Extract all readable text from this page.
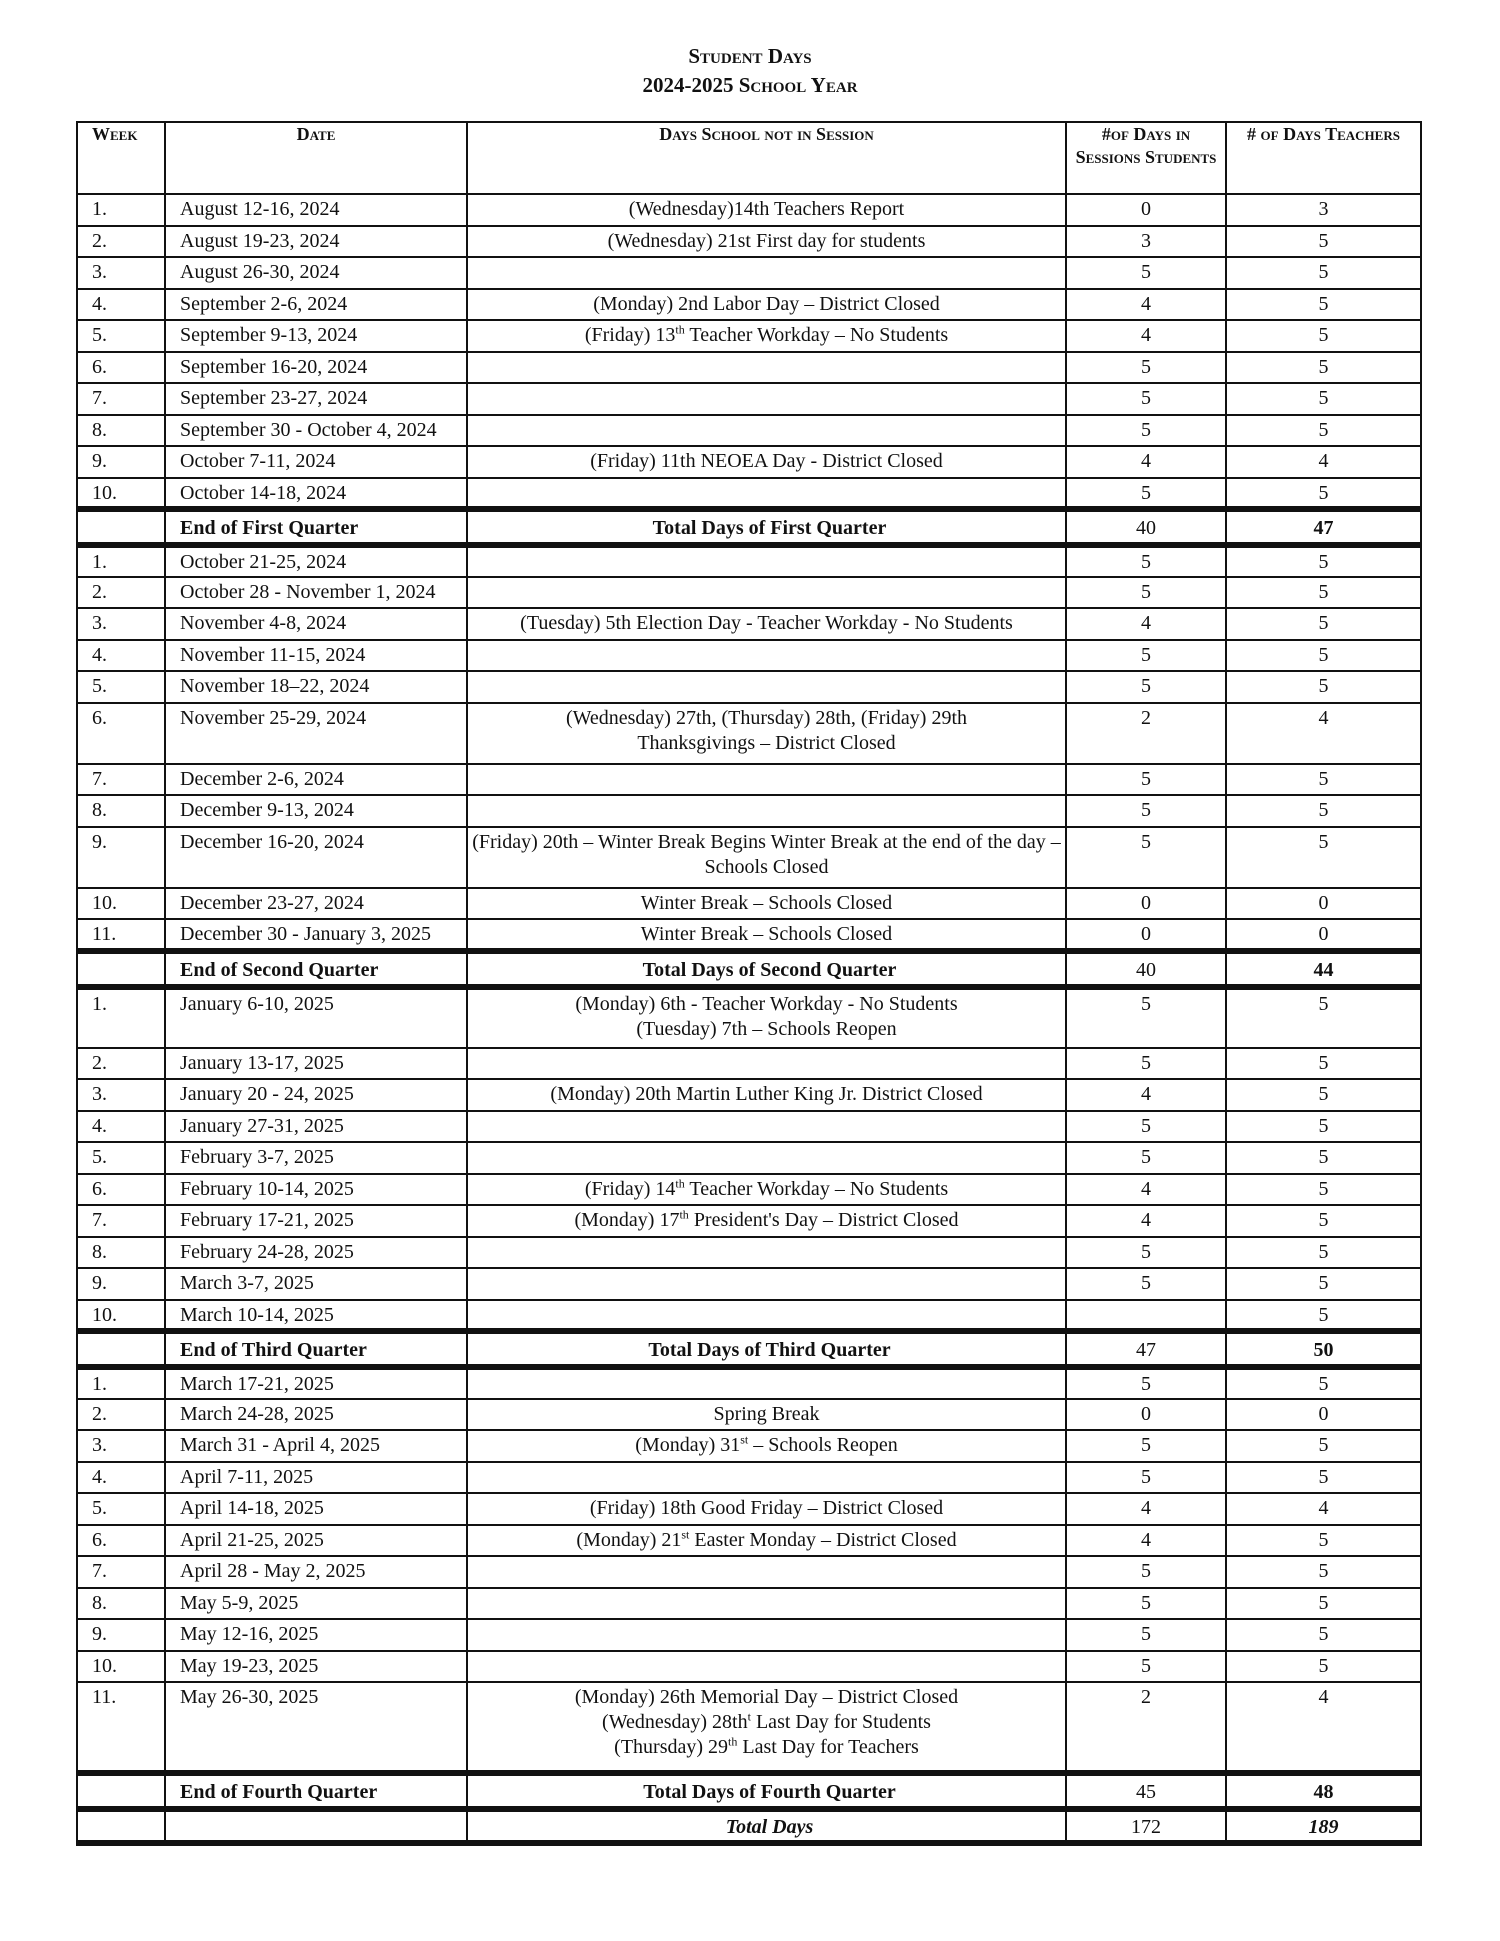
Student Days
2024-2025 School Year
Week	Date	Days School not in Session	#of Days in Sessions Students	# of Days Teachers
1.	August 12-16, 2024	(Wednesday)14th Teachers Report	0	3
2.	August 19-23, 2024	(Wednesday) 21st First day for students	3	5
3.	August 26-30, 2024		5	5
4.	September 2-6, 2024	(Monday) 2nd Labor Day – District Closed	4	5
5.	September 9-13, 2024	(Friday) 13th Teacher Workday – No Students	4	5
6.	September 16-20, 2024		5	5
7.	September 23-27, 2024		5	5
8.	September 30 - October 4, 2024		5	5
9.	October 7-11, 2024	(Friday) 11th NEOEA Day - District Closed	4	4
10.	October 14-18, 2024		5	5
	End of First Quarter	Total Days of First Quarter	40	47
1.	October 21-25, 2024		5	5
2.	October 28 - November 1, 2024		5	5
3.	November 4-8, 2024	(Tuesday) 5th Election Day - Teacher Workday - No Students	4	5
4.	November 11-15, 2024		5	5
5.	November 18–22, 2024		5	5
6.	November 25-29, 2024	(Wednesday) 27th, (Thursday) 28th, (Friday) 29th
Thanksgivings – District Closed	2	4
7.	December 2-6, 2024		5	5
8.	December 9-13, 2024		5	5
9.	December 16-20, 2024	(Friday) 20th – Winter Break Begins Winter Break at the end of the day – Schools Closed	5	5
10.	December 23-27, 2024	Winter Break – Schools Closed	0	0
11.	December 30 - January 3, 2025	Winter Break – Schools Closed	0	0
	End of Second Quarter	Total Days of Second Quarter	40	44
1.	January 6-10, 2025	(Monday) 6th - Teacher Workday - No Students
(Tuesday) 7th – Schools Reopen	5	5
2.	January 13-17, 2025		5	5
3.	January 20 - 24, 2025	(Monday) 20th Martin Luther King Jr. District Closed	4	5
4.	January 27-31, 2025		5	5
5.	February 3-7, 2025		5	5
6.	February 10-14, 2025	(Friday) 14th Teacher Workday – No Students	4	5
7.	February 17-21, 2025	(Monday) 17th President's Day – District Closed	4	5
8.	February 24-28, 2025		5	5
9.	March 3-7, 2025		5	5
10.	March 10-14, 2025			5
	End of Third Quarter	Total Days of Third Quarter	47	50
1.	March 17-21, 2025		5	5
2.	March 24-28, 2025	Spring Break	0	0
3.	March 31 - April 4, 2025	(Monday) 31st – Schools Reopen	5	5
4.	April 7-11, 2025		5	5
5.	April 14-18, 2025	(Friday) 18th Good Friday – District Closed	4	4
6.	April 21-25, 2025	(Monday) 21st Easter Monday – District Closed	4	5
7.	April 28 - May 2, 2025		5	5
8.	May 5-9, 2025		5	5
9.	May 12-16, 2025		5	5
10.	May 19-23, 2025		5	5
11.	May 26-30, 2025	(Monday) 26th Memorial Day – District Closed
(Wednesday) $28th^t$ Last Day for Students
(Thursday) 29th Last Day for Teachers	2	4
	End of Fourth Quarter	Total Days of Fourth Quarter	45	48
		Total Days	172	189
